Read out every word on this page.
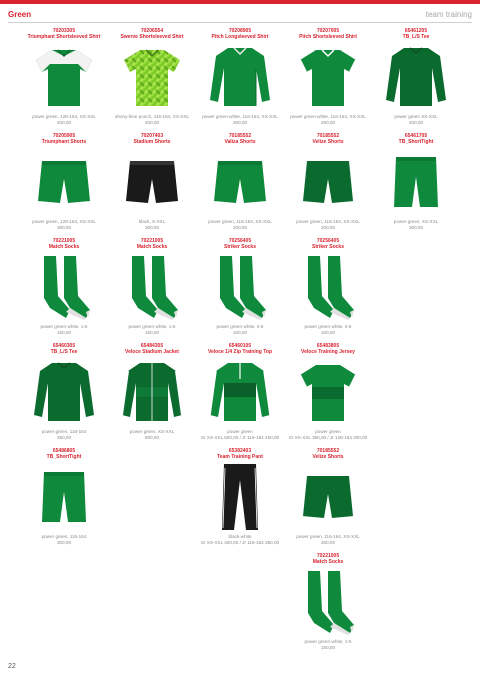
Green	team training
70203305
Triumphant Shortsleeved Shirt
power green, 128-164, XS-XXL
400,00
70206554
Swerve Shortsleeved Shirt
ebony-lime punch, 116-164, XS-XXL
400,00
70208905
Pitch Longsleeved Shirt
power green-white, 116-164, XS-XXL
300,00
70207005
Pitch Shortsleeved Shirt
power green-white, 116-164, XS-XXL
250,00
65461205
TB_L/S Tee
power green XS-XXL
400,00
70205905
Triumphant Shorts
power green, 128-164, XS-XXL
350,00
70207403
Stadium Shorts
black, S-XXL
300,00
70185552
Valiza Shorts
power green, 116-164, XS-XXL
200,00
70185552
Velize Shorts
power green, 116-164, XS-XXL
200,00
65461705
TB_ShortTight
power green, XS-XXL
300,00
70221005
Match Socks
power green-white, 1-5
150,00
70221005
Match Socks
power green-white, 1-5
150,00
70256405
Striker Socks
power green-white, 0-5
100,00
70256405
Striker Socks
power green-white, 0-5
100,00
65460305
TB_L/S Tee
power green, 116-164
350,00
65484305
Veloce Stadium Jacket
power green, XS-XXL
800,00
65460105
Veloce 1/4 Zip Training Top
power green
Sr XS-XXL 500,00 / Jr 116-164 450,00
65483805
Veloce Training Jersey
power green
Sr XS-XXL 350,00 / Jr 128-164 300,00
65486805
TB_ShortTight
power green, 116-164
300,00
65382403
Team Training Pant
black-white
Sr XS-XXL 400,00 / Jr 116-164 350,00
70185552
Velize Shorts
power green, 116-164, XS-XXL
200,00
70221005
Match Socks
power green-white, 1-5
150,00
22
